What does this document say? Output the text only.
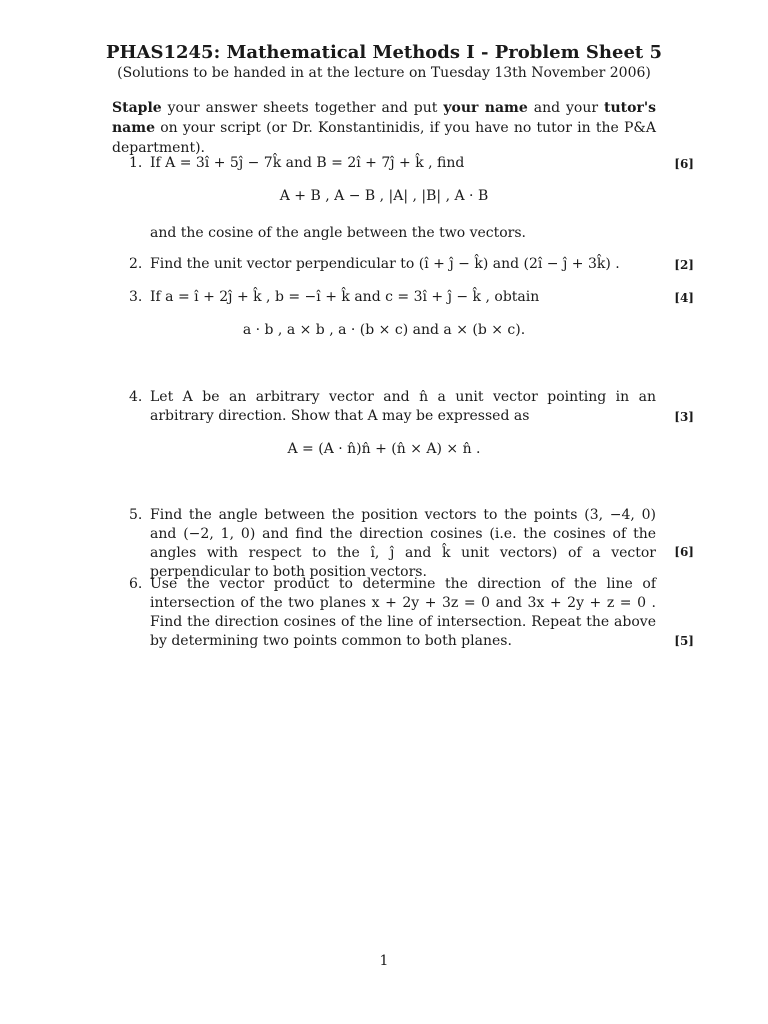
PHAS1245: Mathematical Methods I - Problem Sheet 5
(Solutions to be handed in at the lecture on Tuesday 13th November 2006)
Staple your answer sheets together and put your name and your tutor's name on your script (or Dr. Konstantinidis, if you have no tutor in the P&A department).
1. If A = 3î + 5ĵ − 7k̂ and B = 2î + 7ĵ + k̂ , find	[6]
A + B , A − B , |A| , |B| , A · B
and the cosine of the angle between the two vectors.
2. Find the unit vector perpendicular to (î + ĵ − k̂) and (2î − ĵ + 3k̂) .	[2]
3. If a = î + 2ĵ + k̂ , b = −î + k̂ and c = 3î + ĵ − k̂ , obtain	[4]
a · b , a × b , a · (b × c) and a × (b × c).
4. Let A be an arbitrary vector and n̂ a unit vector pointing in an arbitrary direction. Show that A may be expressed as	[3]
A = (A · n̂)n̂ + (n̂ × A) × n̂ .
5. Find the angle between the position vectors to the points (3, −4, 0) and (−2, 1, 0) and find the direction cosines (i.e. the cosines of the angles with respect to the î, ĵ and k̂ unit vectors) of a vector perpendicular to both position vectors.
[6]
6. Use the vector product to determine the direction of the line of intersection of the two planes x + 2y + 3z = 0 and 3x + 2y + z = 0 . Find the direction cosines of the line of intersection. Repeat the above by determining two points common to both planes.	[5]
1
